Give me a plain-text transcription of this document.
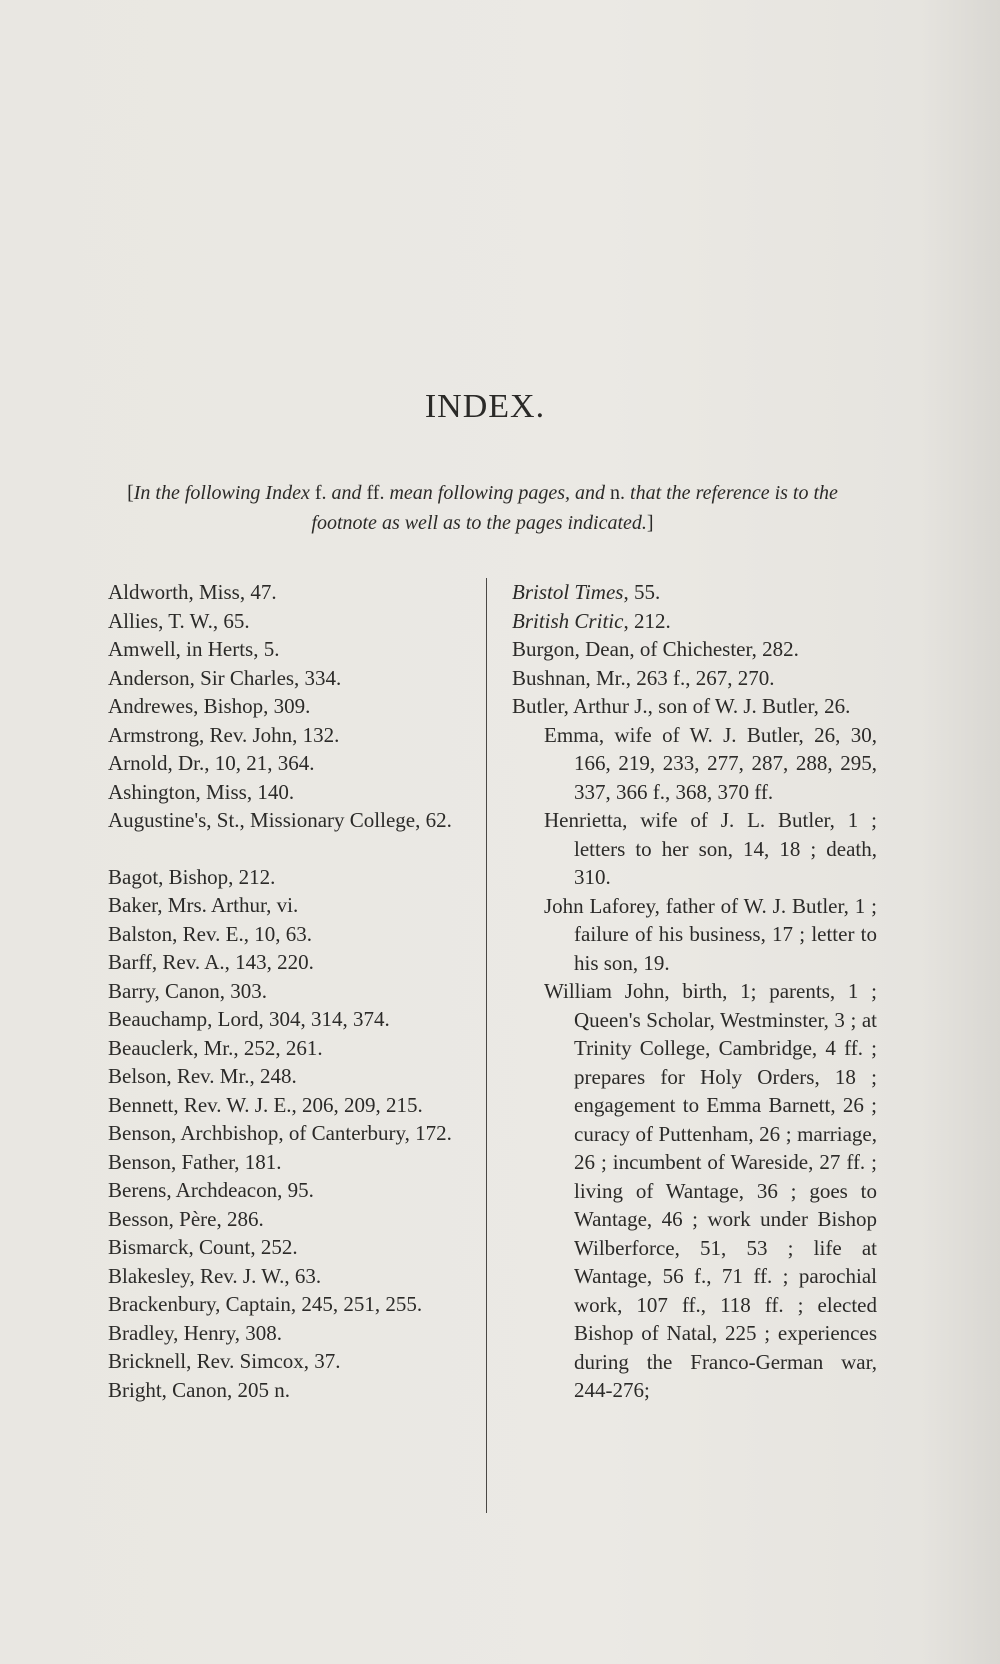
INDEX.

[In the following Index f. and ff. mean following pages, and n. that the reference is to the footnote as well as to the pages indicated.]

Aldworth, Miss, 47.
Allies, T. W., 65.
Amwell, in Herts, 5.
Anderson, Sir Charles, 334.
Andrewes, Bishop, 309.
Armstrong, Rev. John, 132.
Arnold, Dr., 10, 21, 364.
Ashington, Miss, 140.
Augustine's, St., Missionary College, 62.
Bagot, Bishop, 212.
Baker, Mrs. Arthur, vi.
Balston, Rev. E., 10, 63.
Barff, Rev. A., 143, 220.
Barry, Canon, 303.
Beauchamp, Lord, 304, 314, 374.
Beauclerk, Mr., 252, 261.
Belson, Rev. Mr., 248.
Bennett, Rev. W. J. E., 206, 209, 215.
Benson, Archbishop, of Canterbury, 172.
Benson, Father, 181.
Berens, Archdeacon, 95.
Besson, Père, 286.
Bismarck, Count, 252.
Blakesley, Rev. J. W., 63.
Brackenbury, Captain, 245, 251, 255.
Bradley, Henry, 308.
Bricknell, Rev. Simcox, 37.
Bright, Canon, 205 n.
Bristol Times, 55.
British Critic, 212.
Burgon, Dean, of Chichester, 282.
Bushnan, Mr., 263 f., 267, 270.
Butler, Arthur J., son of W. J. Butler, 26.
Emma, wife of W. J. Butler, 26, 30, 166, 219, 233, 277, 287, 288, 295, 337, 366 f., 368, 370 ff.
Henrietta, wife of J. L. Butler, 1 ; letters to her son, 14, 18 ; death, 310.
John Laforey, father of W. J. Butler, 1 ; failure of his business, 17 ; letter to his son, 19.
William John, birth, 1; parents, 1 ; Queen's Scholar, Westminster, 3 ; at Trinity College, Cambridge, 4 ff. ; prepares for Holy Orders, 18 ; engagement to Emma Barnett, 26 ; curacy of Puttenham, 26 ; marriage, 26 ; incumbent of Wareside, 27 ff. ; living of Wantage, 36 ; goes to Wantage, 46 ; work under Bishop Wilberforce, 51, 53 ; life at Wantage, 56 f., 71 ff. ; parochial work, 107 ff., 118 ff. ; elected Bishop of Natal, 225 ; experiences during the Franco-German war, 244-276;
